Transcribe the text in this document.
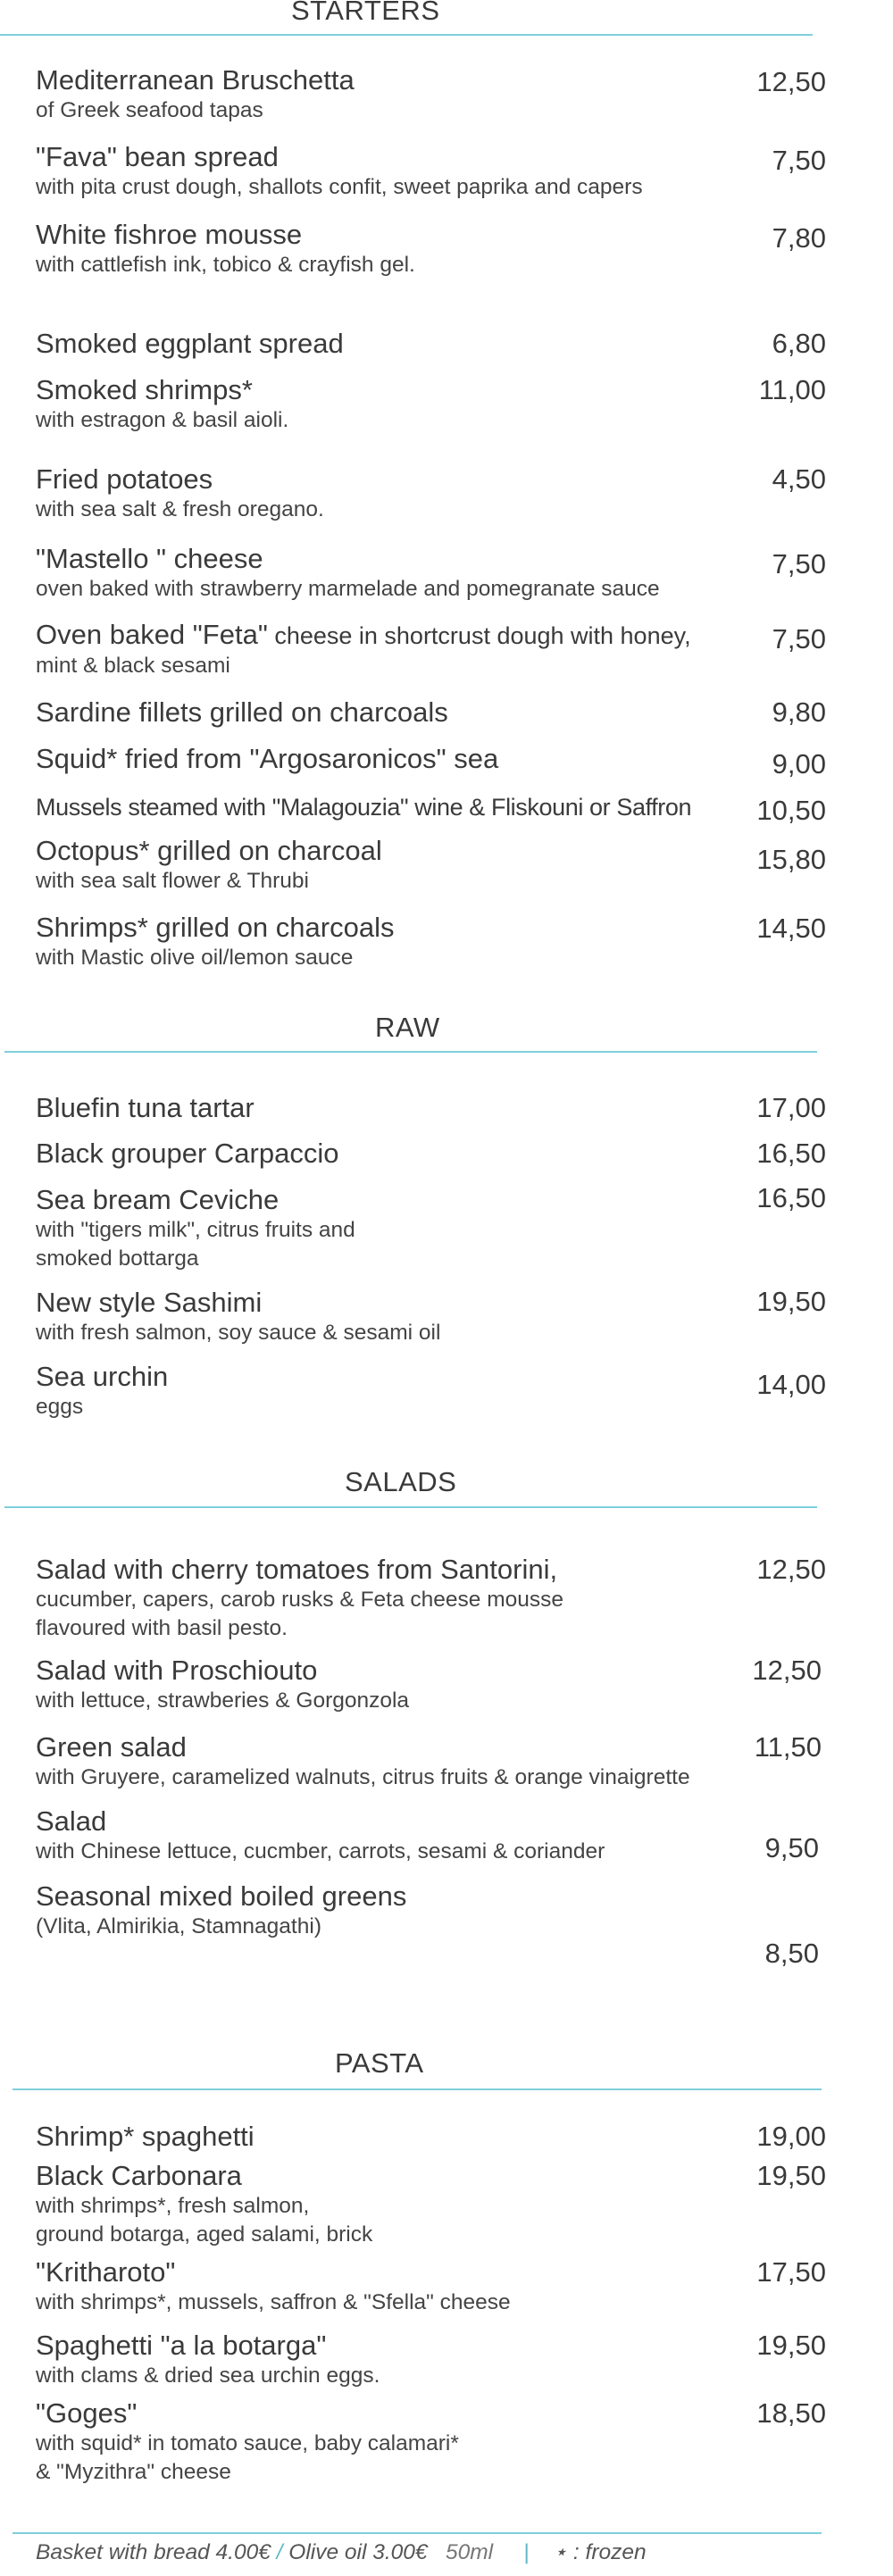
STARTERS
Mediterranean Bruschetta
of Greek seafood tapas
12,50
"Fava" bean spread
with pita crust dough, shallots confit, sweet paprika and capers
7,50
White fishroe mousse
with cattlefish ink, tobico & crayfish gel.
7,80
Smoked eggplant spread	6,80
Smoked shrimps*
with estragon & basil aioli.
11,00
Fried potatoes
with sea salt & fresh oregano.
4,50
"Mastello " cheese
oven baked with strawberry marmelade and pomegranate sauce
7,50
Oven baked "Feta" cheese in shortcrust dough with honey,
mint & black sesami
7,50
Sardine fillets grilled on charcoals	9,80
Squid* fried from "Argosaronicos" sea	9,00
Mussels steamed with "Malagouzia" wine & Fliskouni or Saffron	10,50
Octopus* grilled on charcoal
with sea salt flower & Thrubi
15,80
Shrimps* grilled on charcoals
with Mastic olive oil/lemon sauce
14,50
RAW
Bluefin tuna tartar	17,00
Black grouper Carpaccio	16,50
Sea bream Ceviche
with "tigers milk", citrus fruits and
smoked bottarga
16,50
New style Sashimi
with fresh salmon, soy sauce & sesami oil
19,50
Sea urchin
eggs
14,00
SALADS
Salad with cherry tomatoes from Santorini,
cucumber, capers, carob rusks & Feta cheese mousse
flavoured with basil pesto.
12,50
Salad with Proschiouto
with lettuce, strawberies & Gorgonzola
12,50
Green salad
with Gruyere, caramelized walnuts, citrus fruits & orange vinaigrette
11,50
Salad
with Chinese lettuce, cucmber, carrots, sesami & coriander	9,50
Seasonal mixed boiled greens
(Vlita, Almirikia, Stamnagathi)
8,50
PASTA
Shrimp* spaghetti	19,00
Black Carbonara
with shrimps*, fresh salmon,
ground botarga, aged salami, brick
19,50
"Kritharoto"
with shrimps*, mussels, saffron & "Sfella" cheese
17,50
Spaghetti "a la botarga"
with clams & dried sea urchin eggs.
19,50
"Goges"
with squid* in tomato sauce, baby calamari*
& "Myzithra" cheese
18,50
Basket with bread 4.00€ / Olive oil 3.00€ 50ml | ⋆ : frozen
